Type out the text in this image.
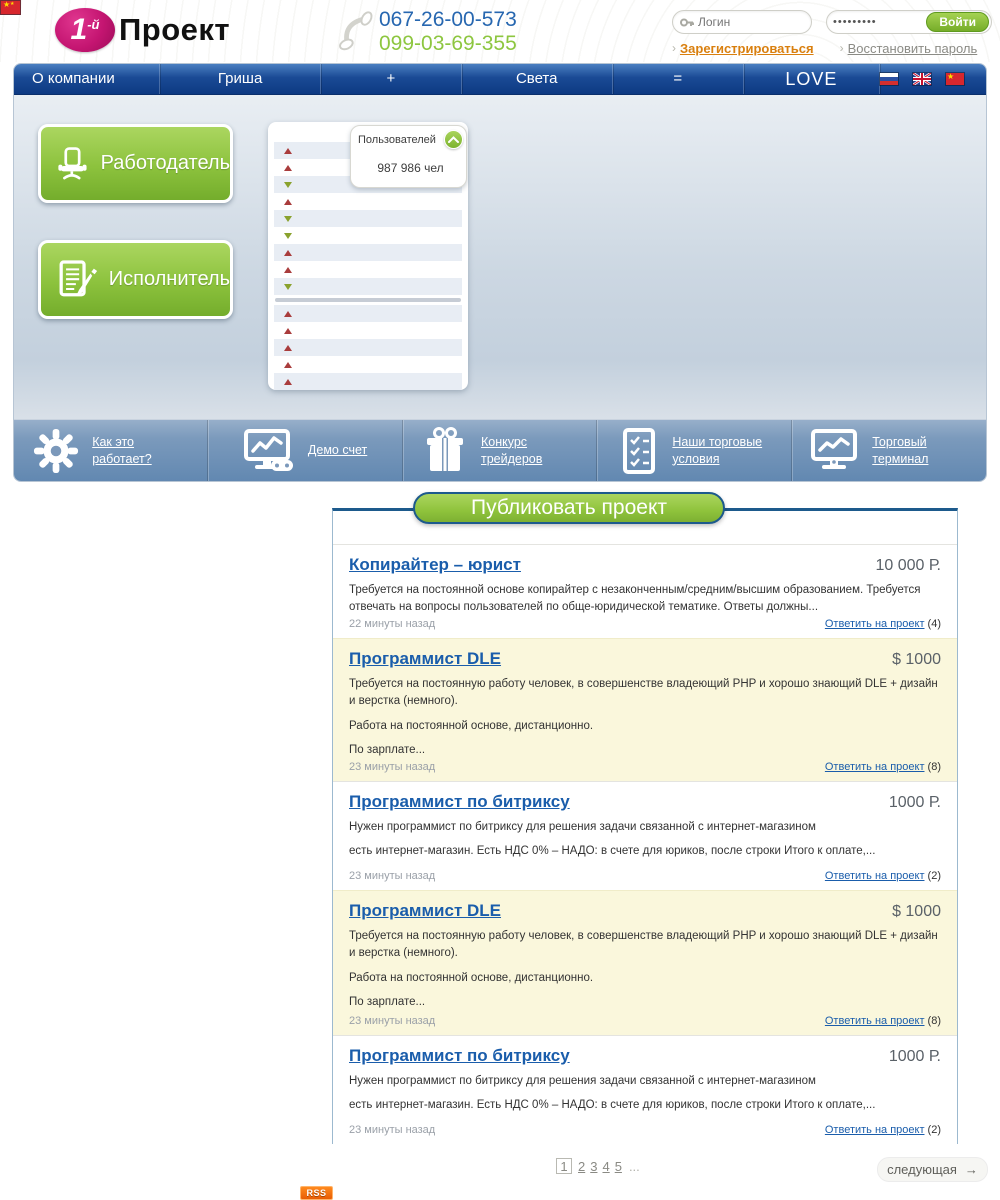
★ ★
1 -й Проект	067-26-00-573
099-03-69-355
Логин
•••••••••
Войти
› Зарегистрироваться › Восстановить пароль
О компании	Гриша	+	Света	=	LOVE	★
Работодатель
Исполнитель
Пользователей
987 986 чел
Как это работает?
Демо счет
Конкурс трейдеров
Наши торговые условия
Торговый терминал
Публиковать проект
Копирайтер – юрист	10 000 Р.
Требуется на постоянной основе копирайтер с незаконченным/средним/высшим образованием. Требуется отвечать на вопросы пользователей по обще-юридической тематике. Ответы должны...
22 минуты назад	Ответить на проект (4)
Программист DLE	$ 1000
Требуется на постоянную работу человек, в совершенстве владеющий PHP и хорошо знающий DLE + дизайн и верстка (немного).
Работа на постоянной основе, дистанционно.
По зарплате...
23 минуты назад	Ответить на проект (8)
Программист по битриксу	1000 Р.
Нужен программист по битриксу для решения задачи связанной с интернет-магазином
есть интернет-магазин. Есть НДС 0% – НАДО: в счете для юриков, после строки Итого к оплате,...
23 минуты назад	Ответить на проект (2)
Программист DLE	$ 1000
Требуется на постоянную работу человек, в совершенстве владеющий PHP и хорошо знающий DLE + дизайн и верстка (немного).
Работа на постоянной основе, дистанционно.
По зарплате...
23 минуты назад	Ответить на проект (8)
Программист по битриксу	1000 Р.
Нужен программист по битриксу для решения задачи связанной с интернет-магазином
есть интернет-магазин. Есть НДС 0% – НАДО: в счете для юриков, после строки Итого к оплате,...
23 минуты назад	Ответить на проект (2)
1 2 3 4 5 ...	следующая →
RSS
